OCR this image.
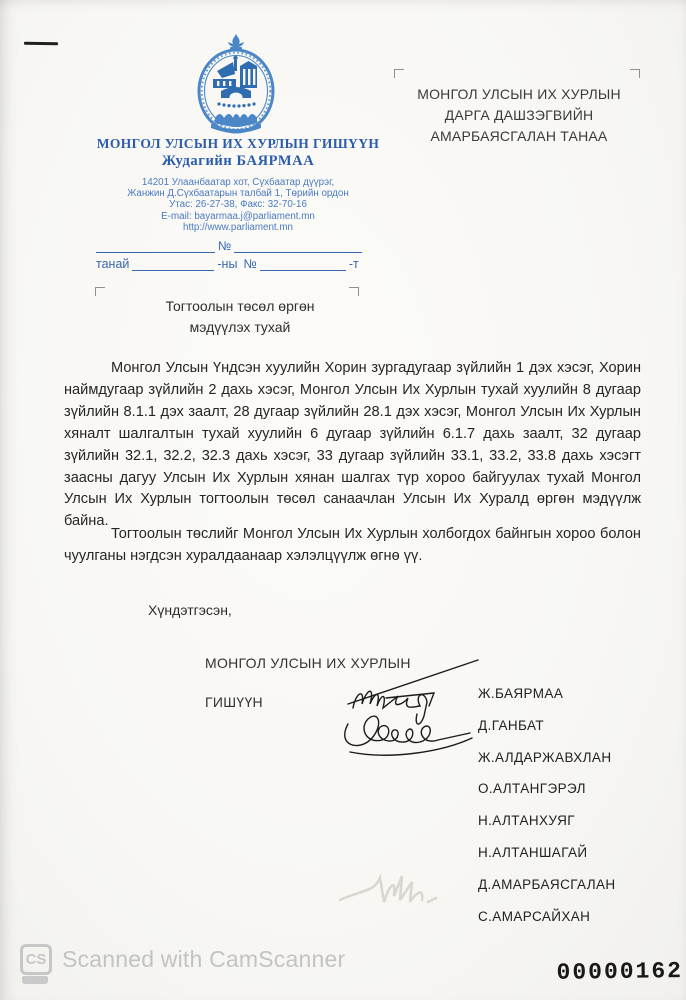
МОНГОЛ УЛСЫН ИХ ХУРЛЫН ГИШҮҮН
Жудагийн БАЯРМАА
14201 Улаанбаатар хот, Сүхбаатар дүүрэг,
Жанжин Д.Сүхбаатарын талбай 1, Төрийн ордон
Утас: 26-27-38, Факс: 32-70-16
E-mail: bayarmaa.j@parliament.mn
http://www.parliament.mn
МОНГОЛ УЛСЫН ИХ ХУРЛЫН
ДАРГА ДАШЗЭГВИЙН
АМАРБАЯСГАЛАН ТАНАА
№
танай	-ны №	-т
Тогтоолын төсөл өргөн
мэдүүлэх тухай
Монгол Улсын Үндсэн хуулийн Хорин зургадугаар зүйлийн 1 дэх хэсэг, Хорин наймдугаар зүйлийн 2 дахь хэсэг, Монгол Улсын Их Хурлын тухай хуулийн 8 дугаар зүйлийн 8.1.1 дэх заалт, 28 дугаар зүйлийн 28.1 дэх хэсэг, Монгол Улсын Их Хурлын хяналт шалгалтын тухай хуулийн 6 дугаар зүйлийн 6.1.7 дахь заалт, 32 дугаар зүйлийн 32.1, 32.2, 32.3 дахь хэсэг, 33 дугаар зүйлийн 33.1, 33.2, 33.8 дахь хэсэгт заасны дагуу Улсын Их Хурлын хянан шалгах түр хороо байгуулах тухай Монгол Улсын Их Хурлын тогтоолын төсөл санаачлан Улсын Их Хуралд өргөн мэдүүлж байна.
Тогтоолын төслийг Монгол Улсын Их Хурлын холбогдох байнгын хороо болон чуулганы нэгдсэн хуралдаанаар хэлэлцүүлж өгнө үү.
Хүндэтгэсэн,
МОНГОЛ УЛСЫН ИХ ХУРЛЫН
ГИШҮҮН
Ж.БАЯРМАА
Д.ГАНБАТ
Ж.АЛДАРЖАВХЛАН
О.АЛТАНГЭРЭЛ
Н.АЛТАНХУЯГ
Н.АЛТАНШАГАЙ
Д.АМАРБАЯСГАЛАН
С.АМАРСАЙХАН
CS Scanned with CamScanner	00000162
